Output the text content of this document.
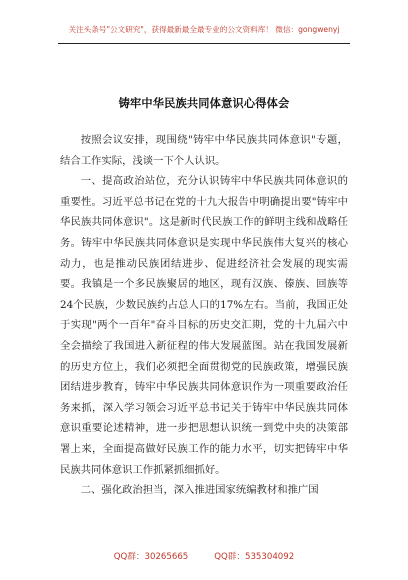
关注头条号"公文研究"，获得最新最全最专业的公文资料库！ 微信：gongwenyj
铸牢中华民族共同体意识心得体会

按照会议安排，现围绕"铸牢中华民族共同体意识"专题，结合工作实际，浅谈一下个人认识。

一、提高政治站位，充分认识铸牢中华民族共同体意识的重要性。习近平总书记在党的十九大报告中明确提出要"铸牢中华民族共同体意识"。这是新时代民族工作的鲜明主线和战略任务。铸牢中华民族共同体意识是实现中华民族伟大复兴的核心动力，也是推动民族团结进步、促进经济社会发展的现实需要。我镇是一个多民族聚居的地区，现有汉族、傣族、回族等24个民族，少数民族约占总人口的17%左右。当前，我国正处于实现"两个一百年"奋斗目标的历史交汇期，党的十九届六中全会描绘了我国进入新征程的伟大发展蓝图。站在我国发展新的历史方位上，我们必须把全面贯彻党的民族政策，增强民族团结进步教育，铸牢中华民族共同体意识作为一项重要政治任务来抓，深入学习领会习近平总书记关于铸牢中华民族共同体意识重要论述精神，进一步把思想认识统一到党中央的决策部署上来，全面提高做好民族工作的能力水平，切实把铸牢中华民族共同体意识工作抓紧抓细抓好。

二、强化政治担当，深入推进国家统编教材和推广国

QQ群：30265665	QQ群：535304092
